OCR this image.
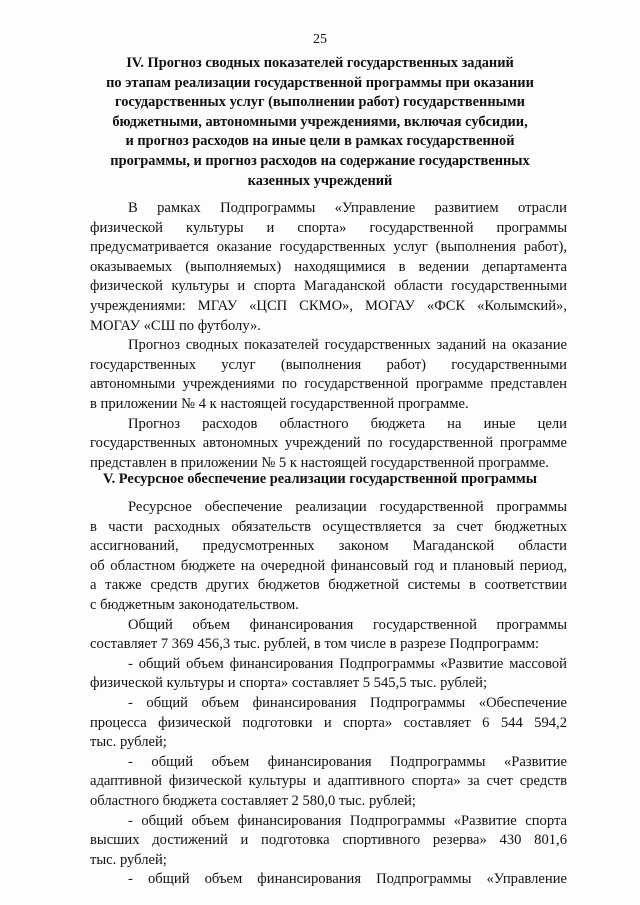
25
IV. Прогноз сводных показателей государственных заданий
по этапам реализации государственной программы при оказании
государственных услуг (выполнении работ) государственными
бюджетными, автономными учреждениями, включая субсидии,
и прогноз расходов на иные цели в рамках государственной
программы, и прогноз расходов на содержание государственных
казенных учреждений

В рамках Подпрограммы «Управление развитием отрасли
физической культуры и спорта» государственной программы
предусматривается оказание государственных услуг (выполнения работ),
оказываемых (выполняемых) находящимися в ведении департамента
физической культуры и спорта Магаданской области государственными
учреждениями: МГАУ «ЦСП СКМО», МОГАУ «ФСК «Колымский»,
МОГАУ «СШ по футболу».

Прогноз сводных показателей государственных заданий на оказание
государственных услуг (выполнения работ) государственными
автономными учреждениями по государственной программе представлен
в приложении № 4 к настоящей государственной программе.

Прогноз расходов областного бюджета на иные цели
государственных автономных учреждений по государственной программе
представлен в приложении № 5 к настоящей государственной программе.

V. Ресурсное обеспечение реализации государственной программы

Ресурсное обеспечение реализации государственной программы
в части расходных обязательств осуществляется за счет бюджетных
ассигнований, предусмотренных законом Магаданской области
об областном бюджете на очередной финансовый год и плановый период,
а также средств других бюджетов бюджетной системы в соответствии
с бюджетным законодательством.

Общий объем финансирования государственной программы
составляет 7 369 456,3 тыс. рублей, в том числе в разрезе Подпрограмм:

- общий объем финансирования Подпрограммы «Развитие массовой
физической культуры и спорта» составляет 5 545,5 тыс. рублей;

- общий объем финансирования Подпрограммы «Обеспечение
процесса физической подготовки и спорта» составляет 6 544 594,2
тыс. рублей;

- общий объем финансирования Подпрограммы «Развитие
адаптивной физической культуры и адаптивного спорта» за счет средств
областного бюджета составляет 2 580,0 тыс. рублей;

- общий объем финансирования Подпрограммы «Развитие спорта
высших достижений и подготовка спортивного резерва» 430 801,6
тыс. рублей;

- общий объем финансирования Подпрограммы «Управление
